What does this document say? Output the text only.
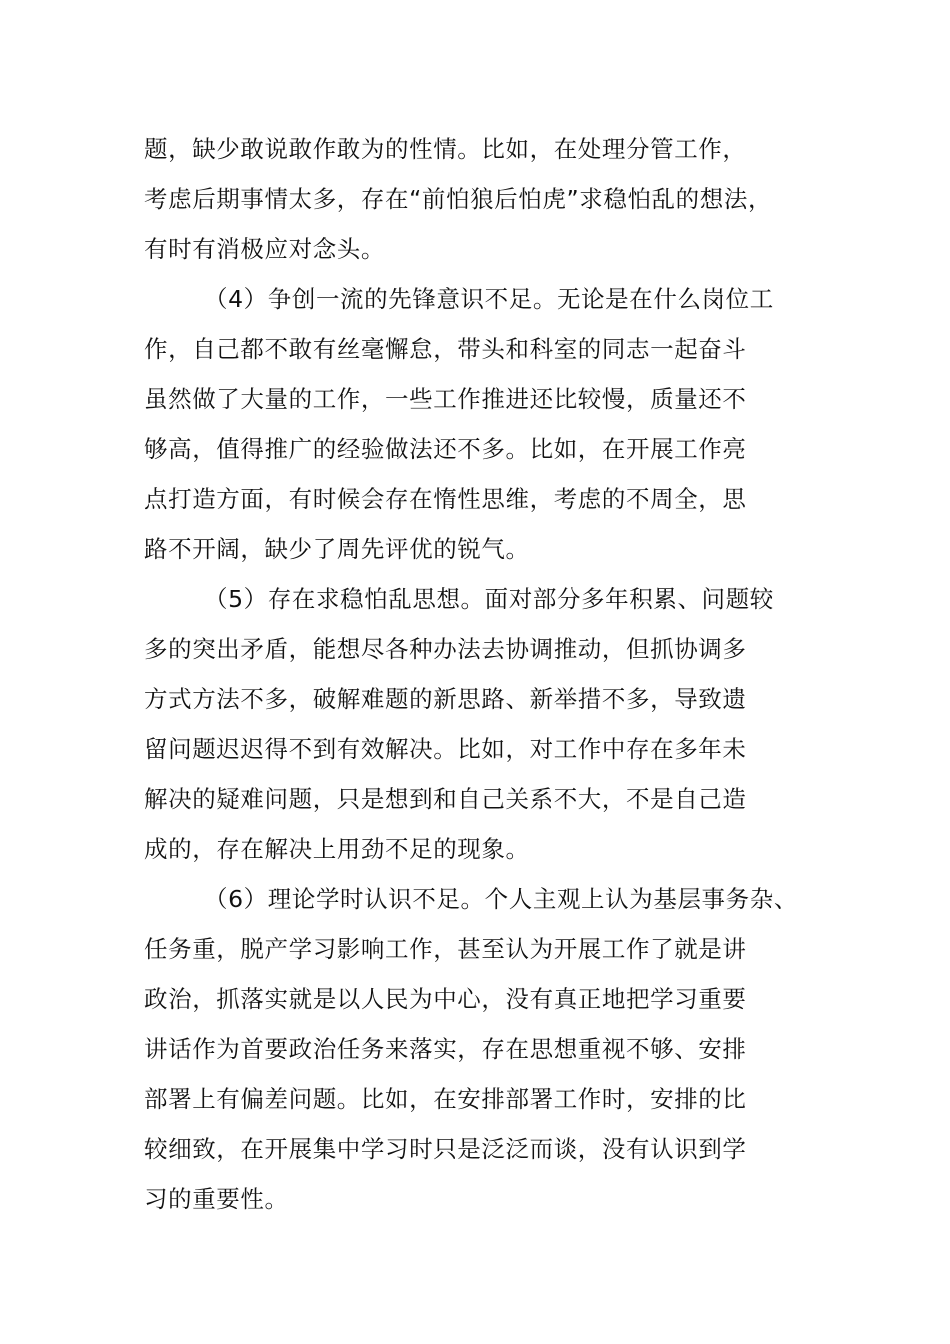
题，缺少敢说敢作敢为的性情。比如，在处理分管工作，
考虑后期事情太多，存在“前怕狼后怕虎”求稳怕乱的想法，
有时有消极应对念头。
（4）争创一流的先锋意识不足。无论是在什么岗位工
作，自己都不敢有丝毫懈怠，带头和科室的同志一起奋斗
虽然做了大量的工作，一些工作推进还比较慢，质量还不
够高，值得推广的经验做法还不多。比如，在开展工作亮
点打造方面，有时候会存在惰性思维，考虑的不周全，思
路不开阔，缺少了周先评优的锐气。
（5）存在求稳怕乱思想。面对部分多年积累、问题较
多的突出矛盾，能想尽各种办法去协调推动，但抓协调多
方式方法不多，破解难题的新思路、新举措不多，导致遗
留问题迟迟得不到有效解决。比如，对工作中存在多年未
解决的疑难问题，只是想到和自己关系不大，不是自己造
成的，存在解决上用劲不足的现象。
（6）理论学时认识不足。个人主观上认为基层事务杂、
任务重，脱产学习影响工作，甚至认为开展工作了就是讲
政治，抓落实就是以人民为中心，没有真正地把学习重要
讲话作为首要政治任务来落实，存在思想重视不够、安排
部署上有偏差问题。比如，在安排部署工作时，安排的比
较细致，在开展集中学习时只是泛泛而谈，没有认识到学
习的重要性。
